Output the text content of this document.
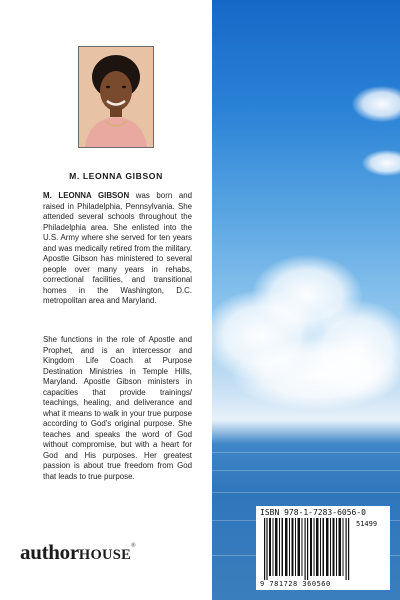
M. LEONNA GIBSON
M. LEONNA GIBSON was born and raised in Philadelphia, Pennsylvania. She attended several schools throughout the Philadelphia area. She enlisted into the U.S. Army where she served for ten years and was medically retired from the military. Apostle Gibson has ministered to several people over many years in rehabs, correctional facilities, and transitional homes in the Washington, D.C. metropolitan area and Maryland.
She functions in the role of Apostle and Prophet, and is an intercessor and Kingdom Life Coach at Purpose Destination Ministries in Temple Hills, Maryland. Apostle Gibson ministers in capacities that provide trainings/ teachings, healing, and deliverance and what it means to walk in your true purpose according to God's original purpose. She teaches and speaks the word of God without compromise, but with a heart for God and His purposes. Her greatest passion is about true freedom from God that leads to true purpose.
authorHOUSE®
ISBN 978-1-7283-6056-0
51499
9 781728 360560
